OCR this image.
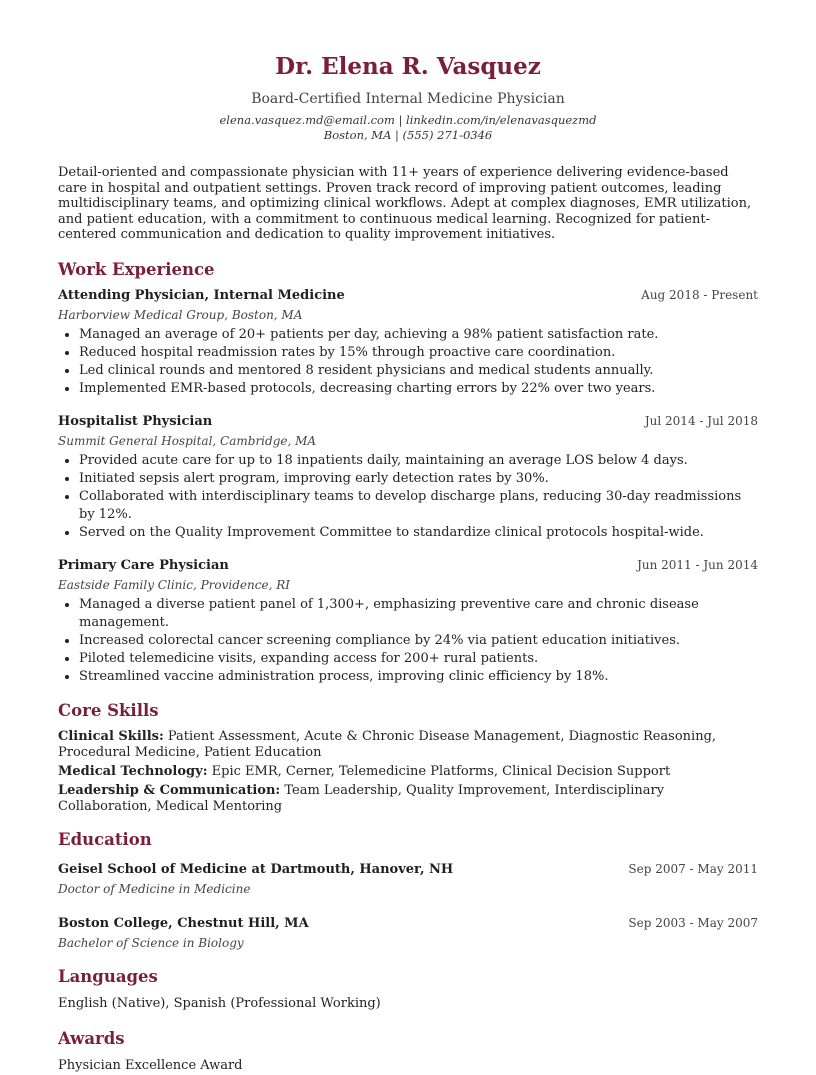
Dr. Elena R. Vasquez
Board-Certified Internal Medicine Physician
elena.vasquez.md@email.com | linkedin.com/in/elenavasquezmd
Boston, MA | (555) 271-0346

Detail-oriented and compassionate physician with 11+ years of experience delivering evidence-based care in hospital and outpatient settings. Proven track record of improving patient outcomes, leading multidisciplinary teams, and optimizing clinical workflows. Adept at complex diagnoses, EMR utilization, and patient education, with a commitment to continuous medical learning. Recognized for patient-centered communication and dedication to quality improvement initiatives.

Work Experience
Attending Physician, Internal Medicine	Aug 2018 - Present
Harborview Medical Group, Boston, MA
• Managed an average of 20+ patients per day, achieving a 98% patient satisfaction rate.
• Reduced hospital readmission rates by 15% through proactive care coordination.
• Led clinical rounds and mentored 8 resident physicians and medical students annually.
• Implemented EMR-based protocols, decreasing charting errors by 22% over two years.
Hospitalist Physician	Jul 2014 - Jul 2018
Summit General Hospital, Cambridge, MA
• Provided acute care for up to 18 inpatients daily, maintaining an average LOS below 4 days.
• Initiated sepsis alert program, improving early detection rates by 30%.
• Collaborated with interdisciplinary teams to develop discharge plans, reducing 30-day readmissions by 12%.
• Served on the Quality Improvement Committee to standardize clinical protocols hospital-wide.
Primary Care Physician	Jun 2011 - Jun 2014
Eastside Family Clinic, Providence, RI
• Managed a diverse patient panel of 1,300+, emphasizing preventive care and chronic disease management.
• Increased colorectal cancer screening compliance by 24% via patient education initiatives.
• Piloted telemedicine visits, expanding access for 200+ rural patients.
• Streamlined vaccine administration process, improving clinic efficiency by 18%.
Core Skills
Clinical Skills: Patient Assessment, Acute & Chronic Disease Management, Diagnostic Reasoning, Procedural Medicine, Patient Education
Medical Technology: Epic EMR, Cerner, Telemedicine Platforms, Clinical Decision Support
Leadership & Communication: Team Leadership, Quality Improvement, Interdisciplinary Collaboration, Medical Mentoring
Education
Geisel School of Medicine at Dartmouth, Hanover, NH	Sep 2007 - May 2011
Doctor of Medicine in Medicine
Boston College, Chestnut Hill, MA	Sep 2003 - May 2007
Bachelor of Science in Biology
Languages
English (Native), Spanish (Professional Working)
Awards
Physician Excellence Award
